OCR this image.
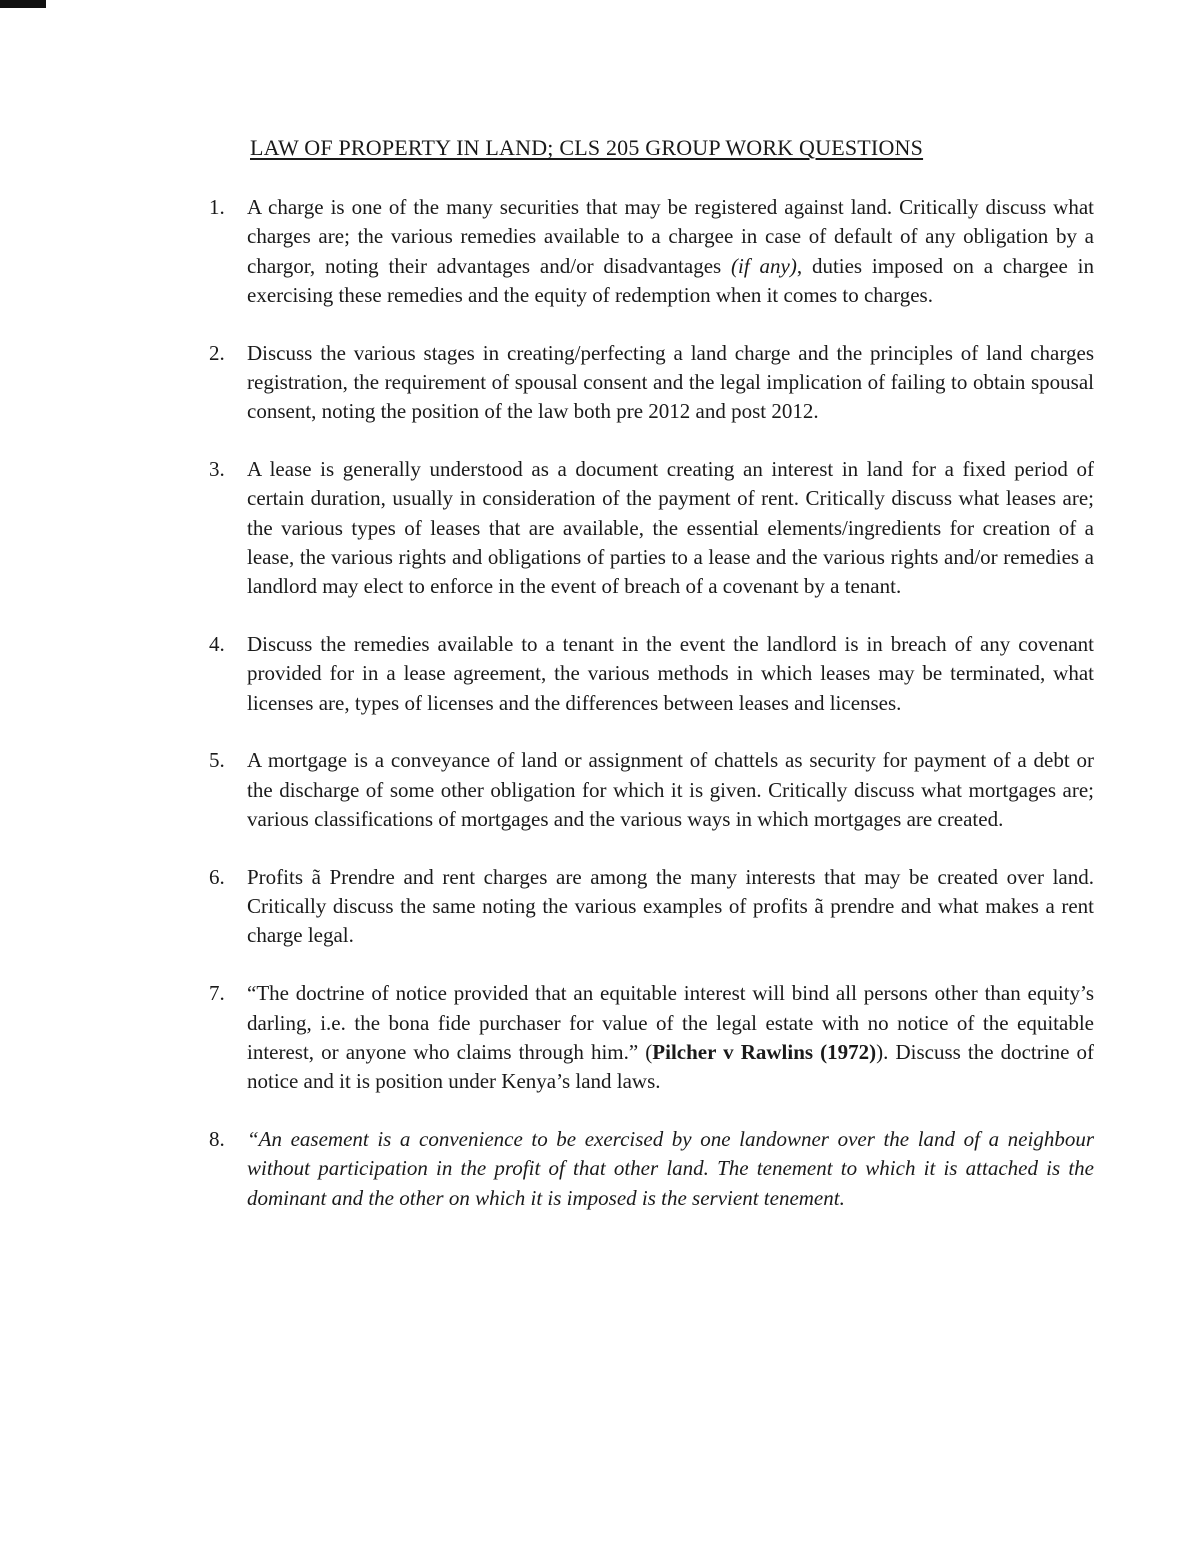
LAW OF PROPERTY IN LAND; CLS 205 GROUP WORK QUESTIONS
1.	A charge is one of the many securities that may be registered against land. Critically discuss what charges are; the various remedies available to a chargee in case of default of any obligation by a chargor, noting their advantages and/or disadvantages (if any), duties imposed on a chargee in exercising these remedies and the equity of redemption when it comes to charges.
2.	Discuss the various stages in creating/perfecting a land charge and the principles of land charges registration, the requirement of spousal consent and the legal implication of failing to obtain spousal consent, noting the position of the law both pre 2012 and post 2012.
3.	A lease is generally understood as a document creating an interest in land for a fixed period of certain duration, usually in consideration of the payment of rent. Critically discuss what leases are; the various types of leases that are available, the essential elements/ingredients for creation of a lease, the various rights and obligations of parties to a lease and the various rights and/or remedies a landlord may elect to enforce in the event of breach of a covenant by a tenant.
4.	Discuss the remedies available to a tenant in the event the landlord is in breach of any covenant provided for in a lease agreement, the various methods in which leases may be terminated, what licenses are, types of licenses and the differences between leases and licenses.
5.	A mortgage is a conveyance of land or assignment of chattels as security for payment of a debt or the discharge of some other obligation for which it is given. Critically discuss what mortgages are; various classifications of mortgages and the various ways in which mortgages are created.
6.	Profits ã Prendre and rent charges are among the many interests that may be created over land. Critically discuss the same noting the various examples of profits ã prendre and what makes a rent charge legal.
7.	“The doctrine of notice provided that an equitable interest will bind all persons other than equity’s darling, i.e. the bona fide purchaser for value of the legal estate with no notice of the equitable interest, or anyone who claims through him.” (Pilcher v Rawlins (1972)). Discuss the doctrine of notice and it is position under Kenya’s land laws.
8.	“An easement is a convenience to be exercised by one landowner over the land of a neighbour without participation in the profit of that other land. The tenement to which it is attached is the dominant and the other on which it is imposed is the servient tenement.
